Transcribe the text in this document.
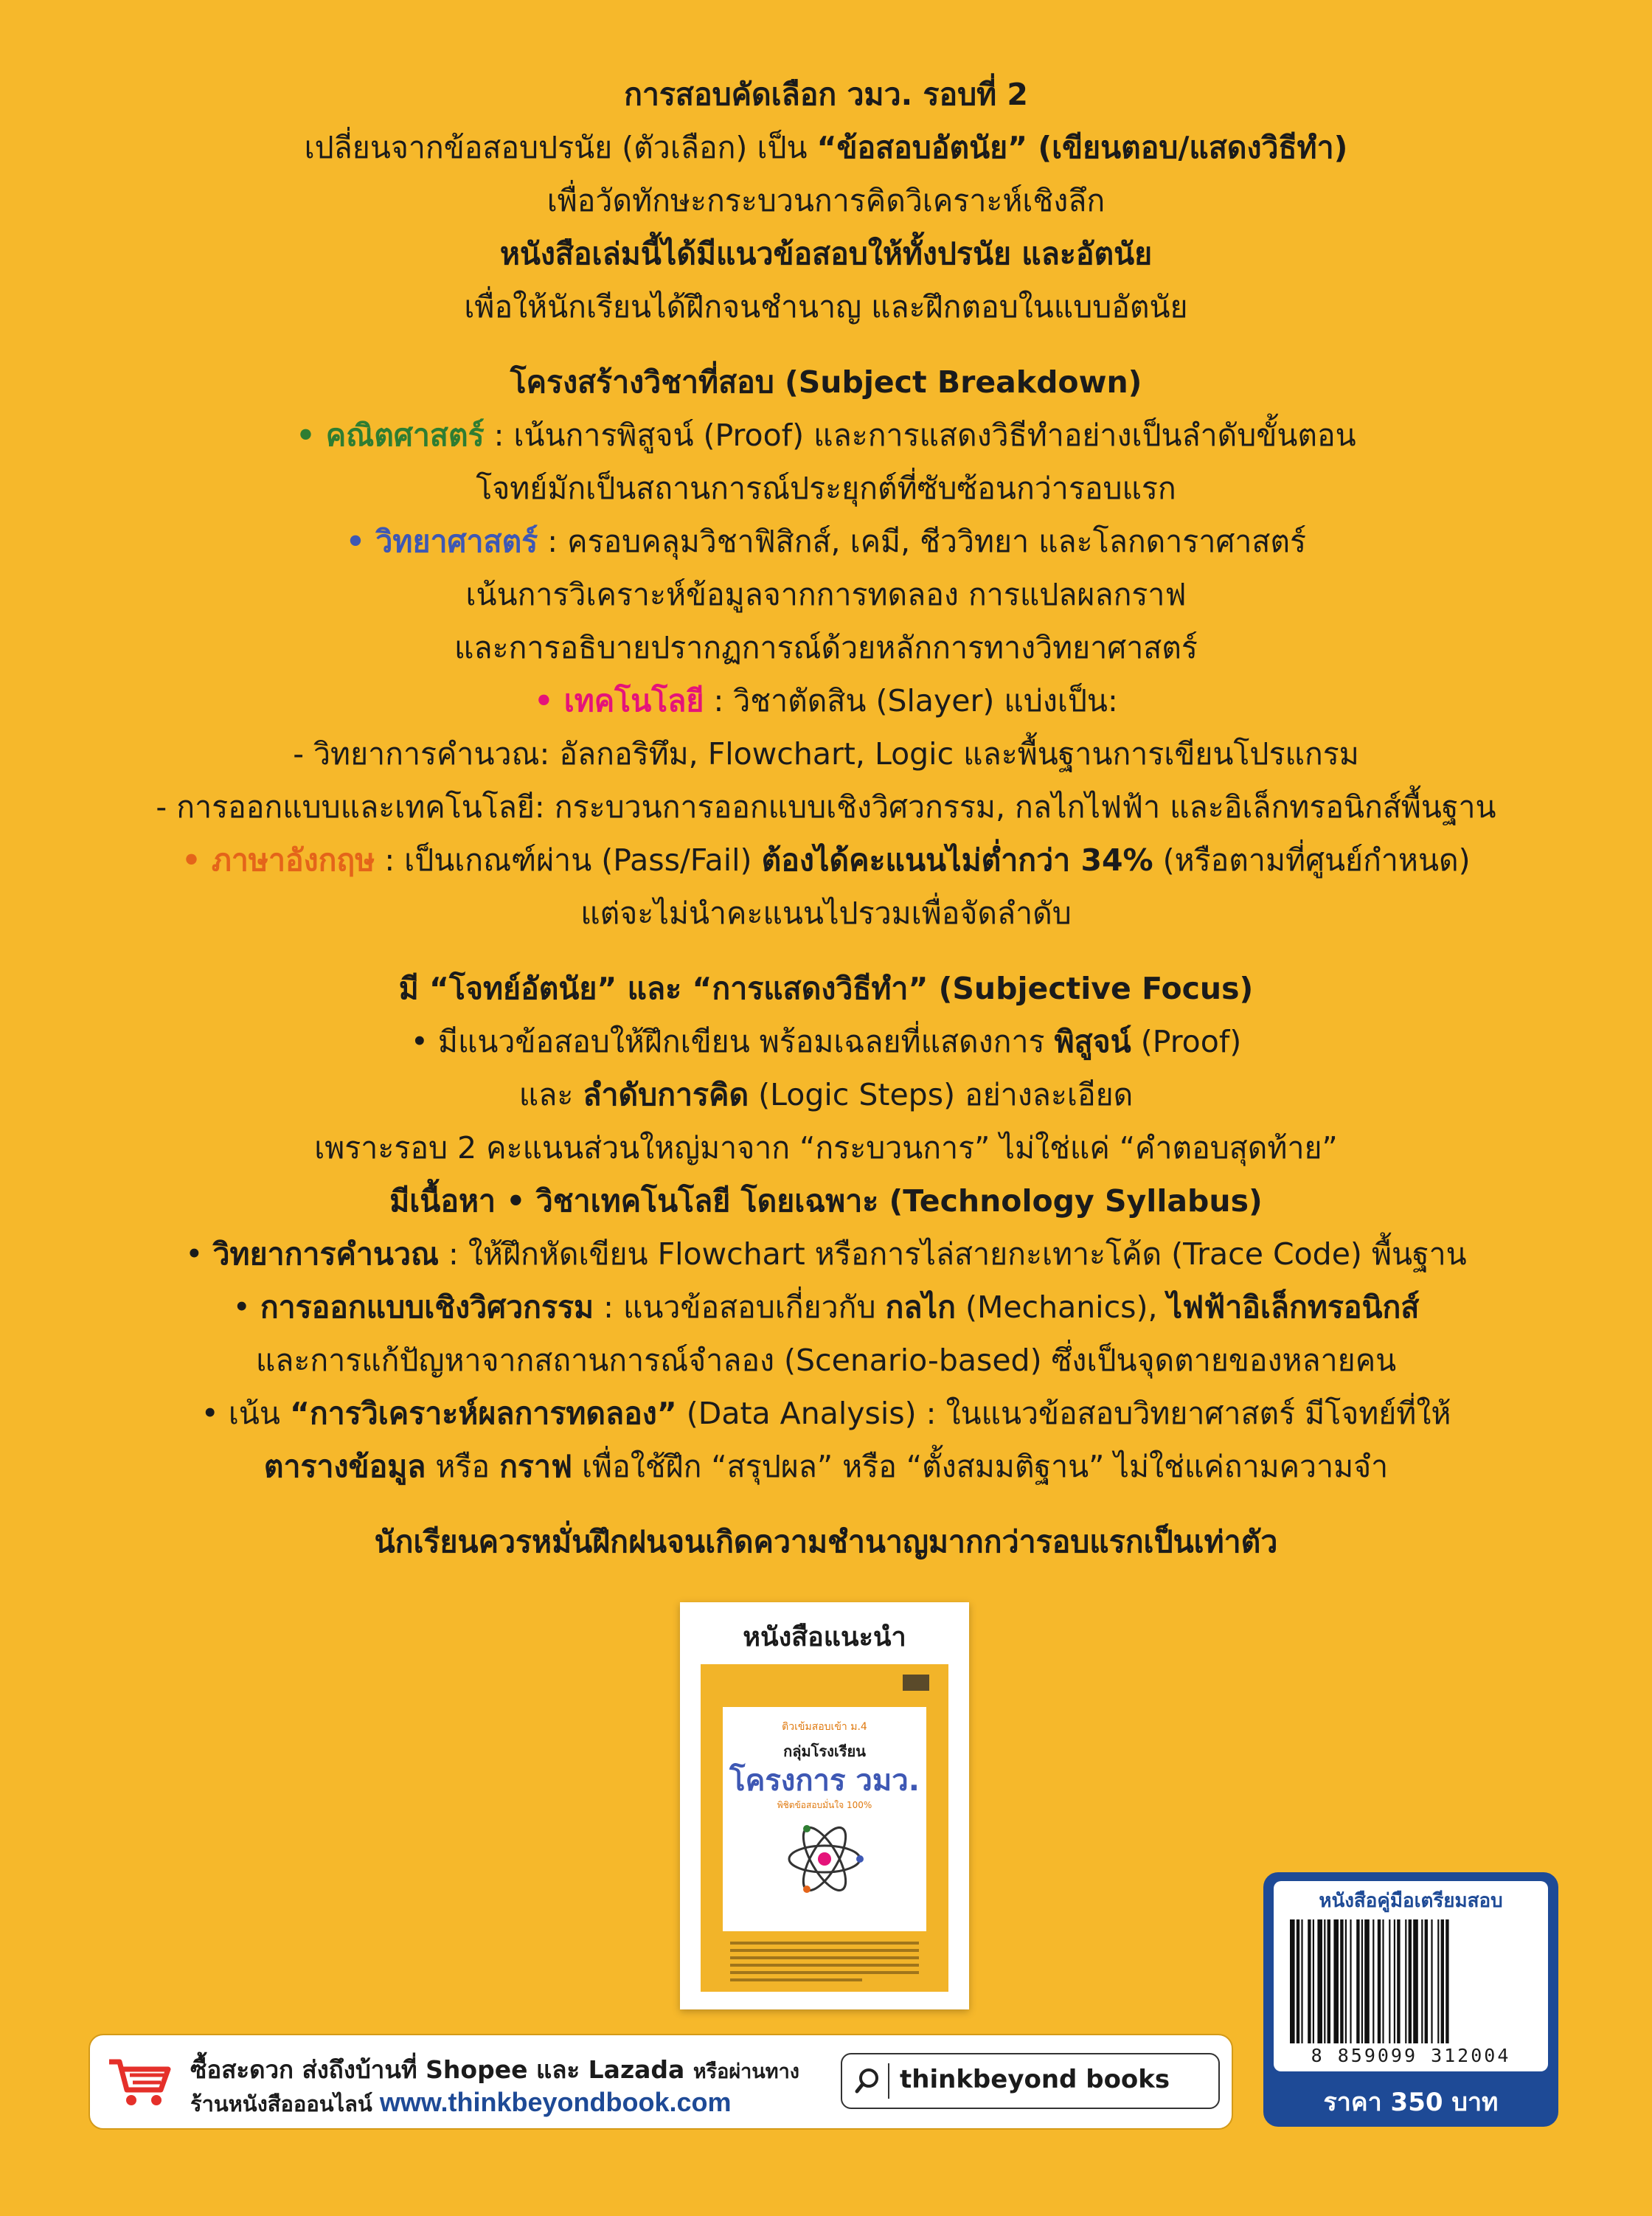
การสอบคัดเลือก วมว. รอบที่ 2

เปลี่ยนจากข้อสอบปรนัย (ตัวเลือก) เป็น “ข้อสอบอัตนัย” (เขียนตอบ/แสดงวิธีทำ)

เพื่อวัดทักษะกระบวนการคิดวิเคราะห์เชิงลึก

หนังสือเล่มนี้ได้มีแนวข้อสอบให้ทั้งปรนัย และอัตนัย

เพื่อให้นักเรียนได้ฝึกจนชำนาญ และฝึกตอบในแบบอัตนัย

โครงสร้างวิชาที่สอบ (Subject Breakdown)

• คณิตศาสตร์ : เน้นการพิสูจน์ (Proof) และการแสดงวิธีทำอย่างเป็นลำดับขั้นตอน

โจทย์มักเป็นสถานการณ์ประยุกต์ที่ซับซ้อนกว่ารอบแรก

• วิทยาศาสตร์ : ครอบคลุมวิชาฟิสิกส์, เคมี, ชีววิทยา และโลกดาราศาสตร์

เน้นการวิเคราะห์ข้อมูลจากการทดลอง การแปลผลกราฟ

และการอธิบายปรากฏการณ์ด้วยหลักการทางวิทยาศาสตร์

• เทคโนโลยี : วิชาตัดสิน (Slayer) แบ่งเป็น:

- วิทยาการคำนวณ: อัลกอริทึม, Flowchart, Logic และพื้นฐานการเขียนโปรแกรม

- การออกแบบและเทคโนโลยี: กระบวนการออกแบบเชิงวิศวกรรม, กลไกไฟฟ้า และอิเล็กทรอนิกส์พื้นฐาน

• ภาษาอังกฤษ : เป็นเกณฑ์ผ่าน (Pass/Fail) ต้องได้คะแนนไม่ต่ำกว่า 34% (หรือตามที่ศูนย์กำหนด)

แต่จะไม่นำคะแนนไปรวมเพื่อจัดลำดับ

มี “โจทย์อัตนัย” และ “การแสดงวิธีทำ” (Subjective Focus)

• มีแนวข้อสอบให้ฝึกเขียน พร้อมเฉลยที่แสดงการ พิสูจน์ (Proof)

และ ลำดับการคิด (Logic Steps) อย่างละเอียด

เพราะรอบ 2 คะแนนส่วนใหญ่มาจาก “กระบวนการ” ไม่ใช่แค่ “คำตอบสุดท้าย”

มีเนื้อหา • วิชาเทคโนโลยี โดยเฉพาะ (Technology Syllabus)

• วิทยาการคำนวณ : ให้ฝึกหัดเขียน Flowchart หรือการไล่สายกะเทาะโค้ด (Trace Code) พื้นฐาน

• การออกแบบเชิงวิศวกรรม : แนวข้อสอบเกี่ยวกับ กลไก (Mechanics), ไฟฟ้าอิเล็กทรอนิกส์

และการแก้ปัญหาจากสถานการณ์จำลอง (Scenario-based) ซึ่งเป็นจุดตายของหลายคน

• เน้น “การวิเคราะห์ผลการทดลอง” (Data Analysis) : ในแนวข้อสอบวิทยาศาสตร์ มีโจทย์ที่ให้

ตารางข้อมูล หรือ กราฟ เพื่อใช้ฝึก “สรุปผล” หรือ “ตั้งสมมติฐาน” ไม่ใช่แค่ถามความจำ

นักเรียนควรหมั่นฝึกฝนจนเกิดความชำนาญมากกว่ารอบแรกเป็นเท่าตัว

หนังสือแนะนำ
ติวเข้มสอบเข้า ม.4
กลุ่มโรงเรียน
โครงการ วมว.
พิชิตข้อสอบมั่นใจ 100%
หนังสือคู่มือเตรียมสอบ
8 859099 312004
ราคา 350 บาท
ซื้อสะดวก ส่งถึงบ้านที่ Shopee และ Lazada หรือผ่านทาง
ร้านหนังสือออนไลน์ www.thinkbeyondbook.com
thinkbeyond books
